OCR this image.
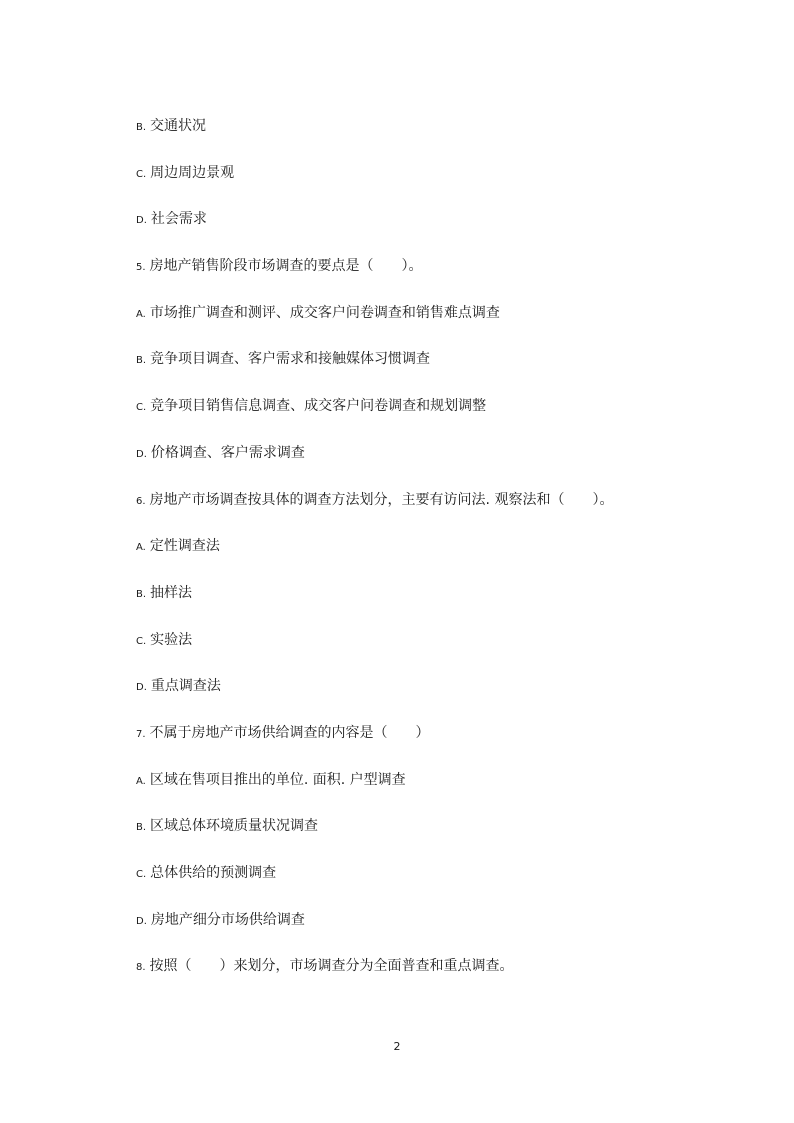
B. 交通状况
C. 周边周边景观
D. 社会需求
5. 房地产销售阶段市场调查的要点是（　　）。
A. 市场推广调查和测评、成交客户问卷调查和销售难点调查
B. 竞争项目调查、客户需求和接触媒体习惯调查
C. 竞争项目销售信息调查、成交客户问卷调查和规划调整
D. 价格调查、客户需求调查
6. 房地产市场调查按具体的调查方法划分，主要有访问法. 观察法和（　　）。
A. 定性调查法
B. 抽样法
C. 实验法
D. 重点调查法
7. 不属于房地产市场供给调查的内容是（　　）
A. 区域在售项目推出的单位. 面积. 户型调查
B. 区域总体环境质量状况调查
C. 总体供给的预测调查
D. 房地产细分市场供给调查
8. 按照（　　）来划分，市场调查分为全面普查和重点调查。
2
